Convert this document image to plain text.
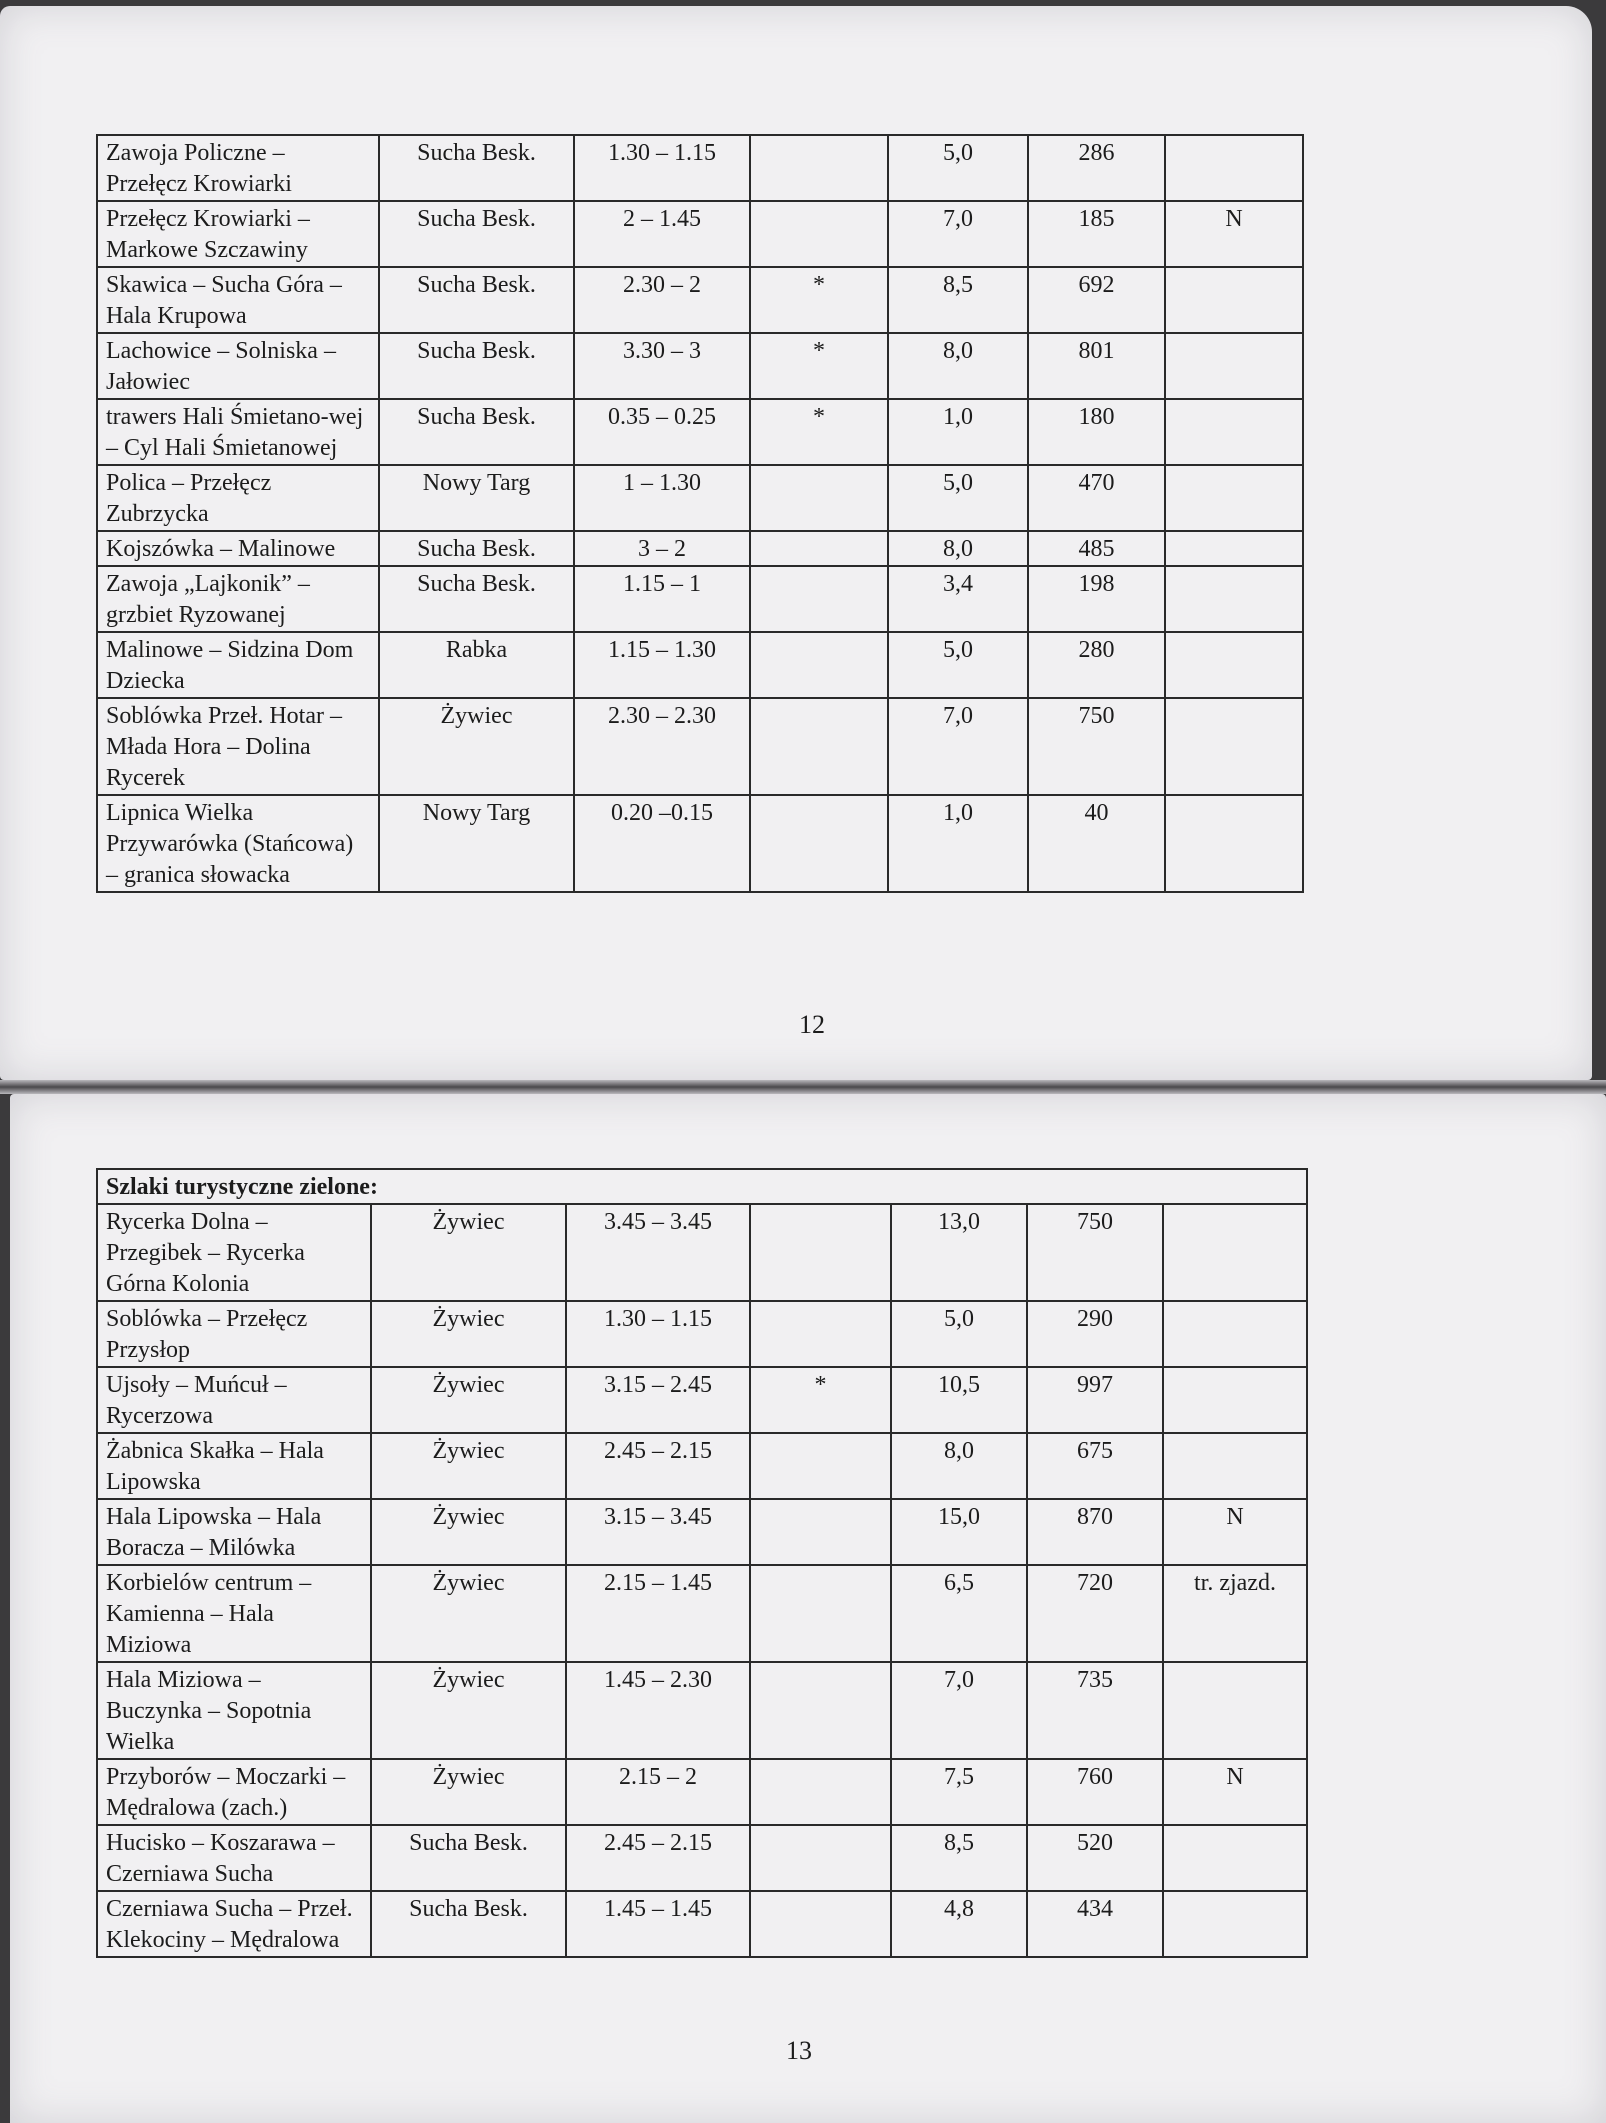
Zawoja Policzne – Przełęcz Krowiarki	Sucha Besk.	1.30 – 1.15		5,0	286	
Przełęcz Krowiarki – Markowe Szczawiny	Sucha Besk.	2 – 1.45		7,0	185	N
Skawica – Sucha Góra – Hala Krupowa	Sucha Besk.	2.30 – 2	*	8,5	692	
Lachowice – Solniska – Jałowiec	Sucha Besk.	3.30 – 3	*	8,0	801	
trawers Hali Śmietano-wej – Cyl Hali Śmietanowej	Sucha Besk.	0.35 – 0.25	*	1,0	180	
Polica – Przełęcz Zubrzycka	Nowy Targ	1 – 1.30		5,0	470	
Kojszówka – Malinowe	Sucha Besk.	3 – 2		8,0	485	
Zawoja „Lajkonik” – grzbiet Ryzowanej	Sucha Besk.	1.15 – 1		3,4	198	
Malinowe – Sidzina Dom Dziecka	Rabka	1.15 – 1.30		5,0	280	
Soblówka Przeł. Hotar – Młada Hora – Dolina Rycerek	Żywiec	2.30 – 2.30		7,0	750	
Lipnica Wielka Przywarówka (Stańcowa) – granica słowacka	Nowy Targ	0.20 –0.15		1,0	40	
12
Szlaki turystyczne zielone:						
Rycerka Dolna – Przegibek – Rycerka Górna Kolonia	Żywiec	3.45 – 3.45		13,0	750	
Soblówka – Przełęcz Przysłop	Żywiec	1.30 – 1.15		5,0	290	
Ujsoły – Muńcuł – Rycerzowa	Żywiec	3.15 – 2.45	*	10,5	997	
Żabnica Skałka – Hala Lipowska	Żywiec	2.45 – 2.15		8,0	675	
Hala Lipowska – Hala Boracza – Milówka	Żywiec	3.15 – 3.45		15,0	870	N
Korbielów centrum – Kamienna – Hala Miziowa	Żywiec	2.15 – 1.45		6,5	720	tr. zjazd.
Hala Miziowa – Buczynka – Sopotnia Wielka	Żywiec	1.45 – 2.30		7,0	735	
Przyborów – Moczarki – Mędralowa (zach.)	Żywiec	2.15 – 2		7,5	760	N
Hucisko – Koszarawa – Czerniawa Sucha	Sucha Besk.	2.45 – 2.15		8,5	520	
Czerniawa Sucha – Przeł. Klekociny – Mędralowa	Sucha Besk.	1.45 – 1.45		4,8	434	
13
